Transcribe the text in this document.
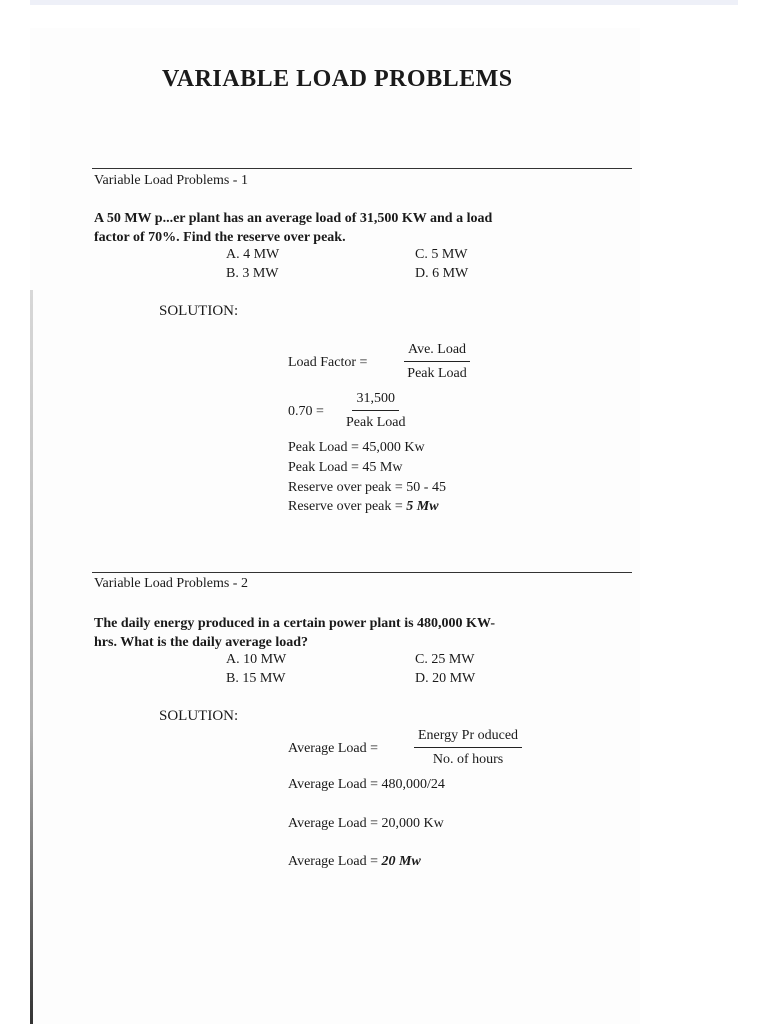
VARIABLE LOAD PROBLEMS
Variable Load Problems - 1
A 50 MW p...er plant has an average load of 31,500 KW and a load
factor of 70%. Find the reserve over peak.
A. 4 MW	C. 5 MW
B. 3 MW	D. 6 MW
SOLUTION:
Load Factor =
Ave. Load
Peak Load
0.70 =
31,500
Peak Load
Peak Load = 45,000 Kw
Peak Load = 45 Mw
Reserve over peak = 50 - 45
Reserve over peak = 5 Mw
Variable Load Problems - 2
The daily energy produced in a certain power plant is 480,000 KW-
hrs. What is the daily average load?
A. 10 MW	C. 25 MW
B. 15 MW	D. 20 MW
SOLUTION:
Average Load =
Energy Pr oduced
No. of hours
Average Load = 480,000/24
Average Load = 20,000 Kw
Average Load = 20 Mw
